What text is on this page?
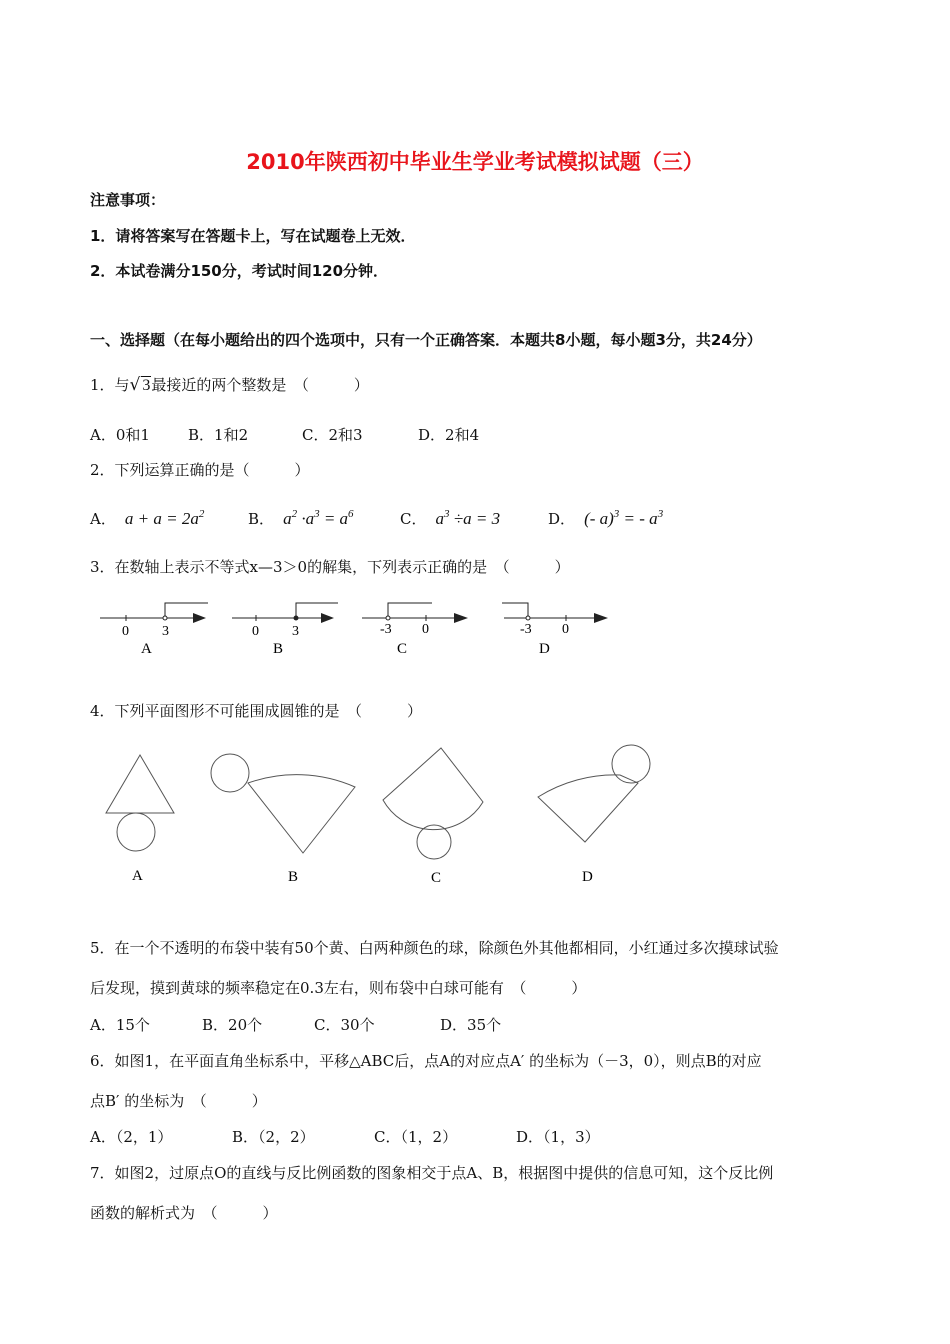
2010年陕西初中毕业生学业考试模拟试题（三）
注意事项：
1．请将答案写在答题卡上，写在试题卷上无效．
2．本试卷满分150分，考试时间120分钟．
一、选择题（在每小题给出的四个选项中，只有一个正确答案．本题共8小题，每小题3分，共24分）
1．与√ 3最接近的两个整数是　（　　　）
A．0和1	B．1和2	C．2和3	D．2和4
2．下列运算正确的是（　　　）
A．  $a + a = 2a^2$	B．  $a^2 \cdot a^3 = a^6$	C．  $a^3 \div a = 3$	D．  (- a)$^3$ = - $a^3$
3．在数轴上表示不等式x—3＞0的解集，下列表示正确的是　（　　　）
0 3
A
0 3
B
-3 0
C
-3 0
D
4．下列平面图形不可能围成圆锥的是　（　　　）
A	B	C	D
5．在一个不透明的布袋中装有50个黄、白两种颜色的球，除颜色外其他都相同，小红通过多次摸球试验
后发现，摸到黄球的频率稳定在0.3左右，则布袋中白球可能有　（　　　）
A．15个	B．20个	C．30个	D．35个
6．如图1，在平面直角坐标系中，平移△ABC后，点A的对应点A′ 的坐标为（－3，0），则点B的对应
点B′ 的坐标为　（　　　）
A．（2，1）	B．（2，2）	C．（1，2）	D．（1，3）
7．如图2，过原点O的直线与反比例函数的图象相交于点A、B，根据图中提供的信息可知，这个反比例
函数的解析式为　（　　　）
